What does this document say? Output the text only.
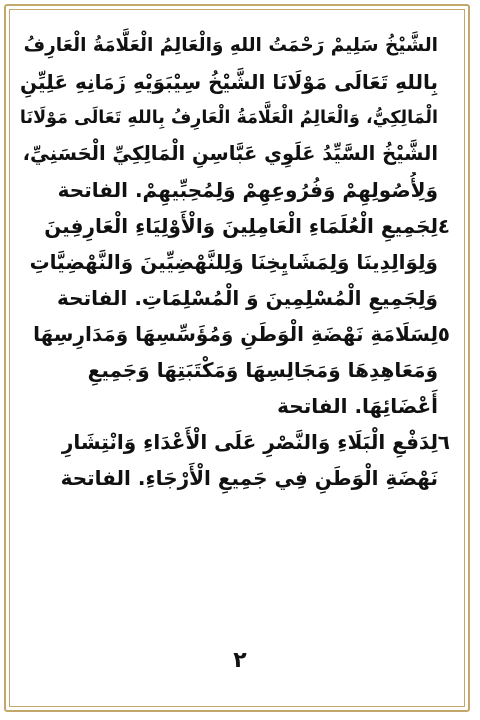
الشَّيْخُ سَلِيمْ رَحْمَتُ اللهِ وَالْعَالِمُ الْعَلَّامَةُ الْعَارِفُ
بِاللهِ تَعَالَى مَوْلَانَا الشَّيْخُ سِيْبَوَيْهِ زَمَانِهِ عَلِيِّنِ
الْمَالِكِيُّ، وَالْعَالِمُ الْعَلَّامَةُ الْعَارِفُ بِاللهِ تَعَالَى مَوْلَانَا
الشَّيْخُ السَّيِّدُ عَلَوِي عَبَّاسِنِ الْمَالِكِيِّ الْحَسَنِيِّ،
وَلِأُصُولِهِمْ وَفُرُوعِهِمْ وَلِمُحِبِّيهِمْ. الفاتحة
٤
لِجَمِيعِ الْعُلَمَاءِ الْعَامِلِينَ وَالْأَوْلِيَاءِ الْعَارِفِينَ
وَلِوَالِدِينَا وَلِمَشَايِخِنَا وَلِلنَّهْضِيِّينَ وَالنَّهْضِيَّاتِ
وَلِجَمِيعِ الْمُسْلِمِينَ وَ الْمُسْلِمَاتِ. الفاتحة
٥
لِسَلَامَةِ نَهْضَةِ الْوَطَنِ وَمُؤَسِّسِهَا وَمَدَارِسِهَا
وَمَعَاهِدِهَا وَمَجَالِسِهَا وَمَكْتَبَتِهَا وَجَمِيعِ
أَعْضَائِهَا. الفاتحة
٦
لِدَفْعِ الْبَلَاءِ وَالنَّصْرِ عَلَى الْأَعْدَاءِ وَانْتِشَارِ
نَهْضَةِ الْوَطَنِ فِي جَمِيعِ الْأَرْجَاءِ. الفاتحة
٢
